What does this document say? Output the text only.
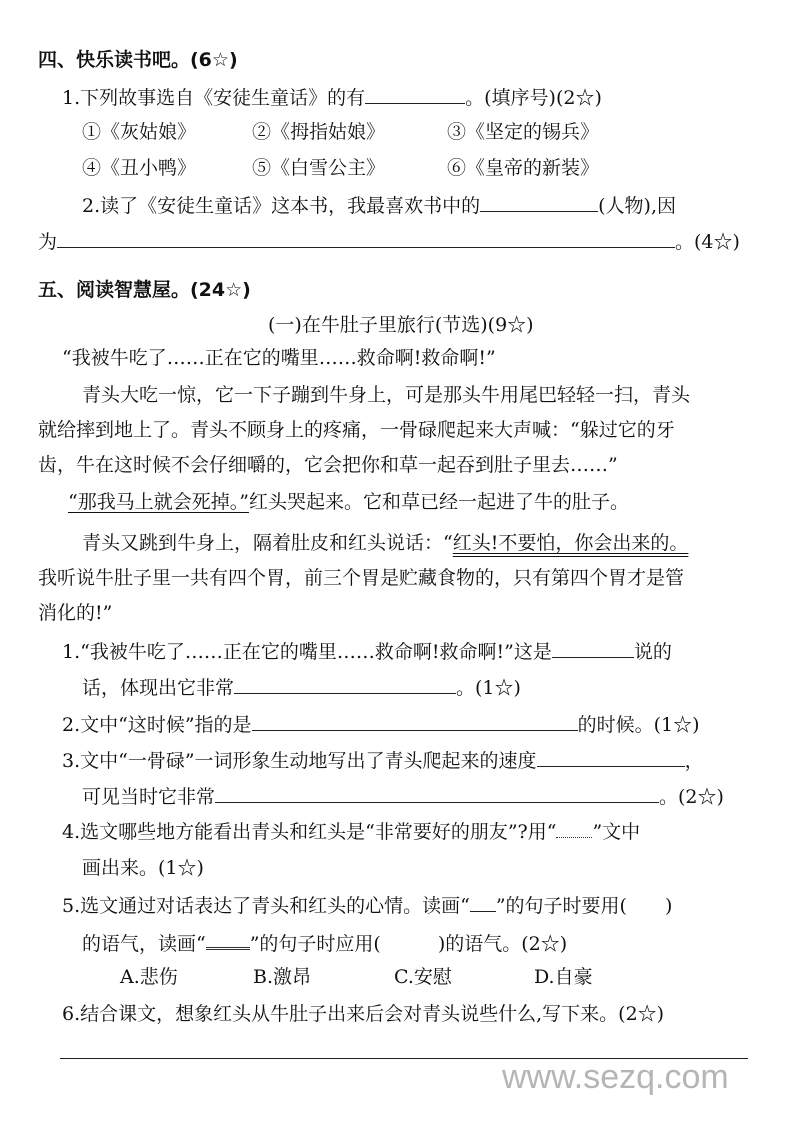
四、快乐读书吧。(6☆)
1.下列故事选自《安徒生童话》的有	。(填序号)(2☆)
①《灰姑娘》	②《拇指姑娘》	③《坚定的锡兵》
④《丑小鸭》	⑤《白雪公主》	⑥《皇帝的新装》
2.读了《安徒生童话》这本书，我最喜欢书中的	(人物),因
为	。(4☆)
五、阅读智慧屋。(24☆)
(一)在牛肚子里旅行(节选)(9☆)
“我被牛吃了……正在它的嘴里……救命啊!救命啊!”
青头大吃一惊，它一下子蹦到牛身上，可是那头牛用尾巴轻轻一扫，青头
就给摔到地上了。青头不顾身上的疼痛，一骨碌爬起来大声喊：“躲过它的牙
齿，牛在这时候不会仔细嚼的，它会把你和草一起吞到肚子里去……”
“那我马上就会死掉。”红头哭起来。它和草已经一起进了牛的肚子。
青头又跳到牛身上，隔着肚皮和红头说话：“红头!不要怕，你会出来的。
我听说牛肚子里一共有四个胃，前三个胃是贮藏食物的，只有第四个胃才是管
消化的!”
1.“我被牛吃了……正在它的嘴里……救命啊!救命啊!”这是	说的
话，体现出它非常	。(1☆)
2.文中“这时候”指的是	的时候。(1☆)
3.文中“一骨碌”一词形象生动地写出了青头爬起来的速度	，
可见当时它非常	。(2☆)
4.选文哪些地方能看出青头和红头是“非常要好的朋友”?用“ ”文中
画出来。(1☆)
5.选文通过对话表达了青头和红头的心情。读画“ ”的句子时要用(　　)
的语气，读画“ ”的句子时应用(　　　)的语气。(2☆)
A.悲伤	B.激昂	C.安慰	D.自豪
6.结合课文，想象红头从牛肚子出来后会对青头说些什么,写下来。(2☆)
www.sezq.com
